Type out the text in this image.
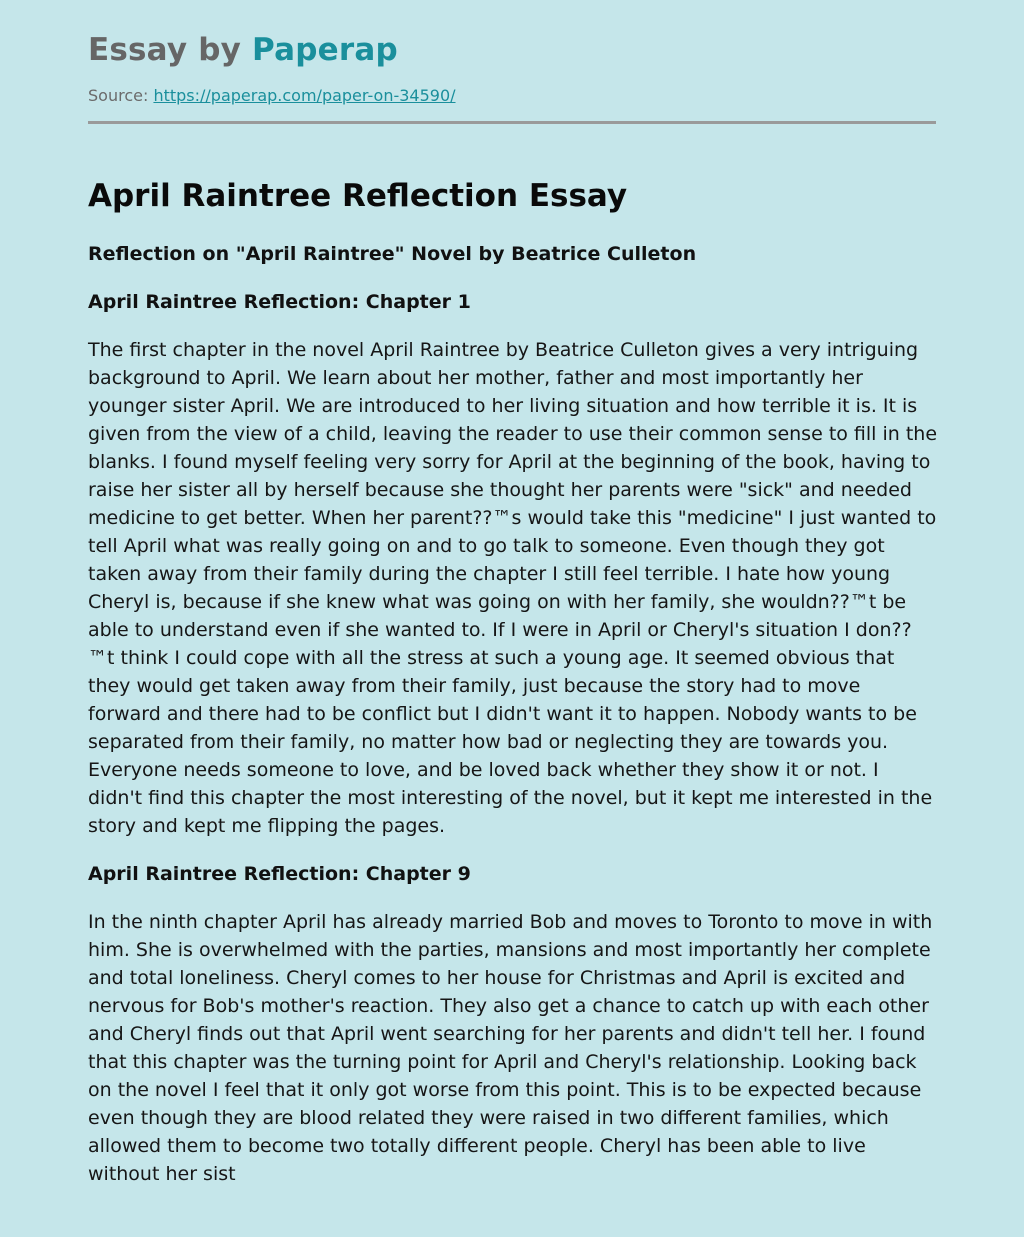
Essay by Paperap
Source: https://paperap.com/paper-on-34590/
April Raintree Reflection Essay
Reflection on "April Raintree" Novel by Beatrice Culleton
April Raintree Reflection: Chapter 1

The first chapter in the novel April Raintree by Beatrice Culleton gives a very intriguing background to April. We learn about her mother, father and most importantly her younger sister April. We are introduced to her living situation and how terrible it is. It is given from the view of a child, leaving the reader to use their common sense to fill in the blanks. I found myself feeling very sorry for April at the beginning of the book, having to raise her sister all by herself because she thought her parents were "sick" and needed medicine to get better. When her parent??™s would take this "medicine" I just wanted to tell April what was really going on and to go talk to someone. Even though they got taken away from their family during the chapter I still feel terrible. I hate how young Cheryl is, because if she knew what was going on with her family, she wouldn??™t be able to understand even if she wanted to. If I were in April or Cheryl's situation I don??™t think I could cope with all the stress at such a young age. It seemed obvious that they would get taken away from their family, just because the story had to move forward and there had to be conflict but I didn't want it to happen. Nobody wants to be separated from their family, no matter how bad or neglecting they are towards you. Everyone needs someone to love, and be loved back whether they show it or not. I didn't find this chapter the most interesting of the novel, but it kept me interested in the story and kept me flipping the pages.

April Raintree Reflection: Chapter 9

In the ninth chapter April has already married Bob and moves to Toronto to move in with him. She is overwhelmed with the parties, mansions and most importantly her complete and total loneliness. Cheryl comes to her house for Christmas and April is excited and nervous for Bob's mother's reaction. They also get a chance to catch up with each other and Cheryl finds out that April went searching for her parents and didn't tell her. I found that this chapter was the turning point for April and Cheryl's relationship. Looking back on the novel I feel that it only got worse from this point. This is to be expected because even though they are blood related they were raised in two different families, which allowed them to become two totally different people. Cheryl has been able to live without her sist
